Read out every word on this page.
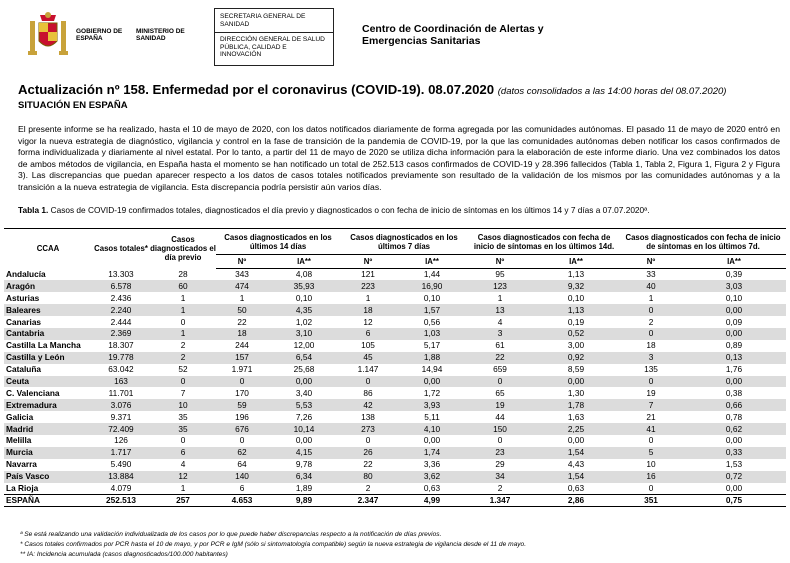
GOBIERNO DE ESPAÑA
MINISTERIO DE SANIDAD
SECRETARIA GENERAL DE SANIDAD
DIRECCIÓN GENERAL DE SALUD PÚBLICA, CALIDAD E INNOVACIÓN
Centro de Coordinación de Alertas y Emergencias Sanitarias
Actualización nº 158. Enfermedad por el coronavirus (COVID-19). 08.07.2020 (datos consolidados a las 14:00 horas del 08.07.2020)
SITUACIÓN EN ESPAÑA
El presente informe se ha realizado, hasta el 10 de mayo de 2020, con los datos notificados diariamente de forma agregada por las comunidades autónomas. El pasado 11 de mayo de 2020 entró en vigor la nueva estrategia de diagnóstico, vigilancia y control en la fase de transición de la pandemia de COVID-19, por la que las comunidades autónomas deben notificar los casos confirmados de forma individualizada y diariamente al nivel estatal. Por lo tanto, a partir del 11 de mayo de 2020 se utiliza dicha información para la elaboración de este informe diario. Una vez combinados los datos de ambos métodos de vigilancia, en España hasta el momento se han notificado un total de 252.513 casos confirmados de COVID-19 y 28.396 fallecidos (Tabla 1, Tabla 2, Figura 1, Figura 2 y Figura 3). Las discrepancias que puedan aparecer respecto a los datos de casos totales notificados previamente son resultado de la validación de los mismos por las comunidades autónomas y a la transición a la nueva estrategia de vigilancia. Esta discrepancia podría persistir aún varios días.
Tabla 1. Casos de COVID-19 confirmados totales, diagnosticados el día previo y diagnosticados o con fecha de inicio de síntomas en los últimos 14 y 7 días a 07.07.2020ª.
CCAA	Casos totales*	Casos diagnosticados el día previo	Casos diagnosticados en los últimos 14 días		Casos diagnosticados en los últimos 7 días		Casos diagnosticados con fecha de inicio de síntomas en los últimos 14d.		Casos diagnosticados con fecha de inicio de síntomas en los últimos 7d.	
			Nº	IA**	Nº	IA**	Nº	IA**	Nº	IA**
Andalucía	13.303	28	343	4,08	121	1,44	95	1,13	33	0,39
Aragón	6.578	60	474	35,93	223	16,90	123	9,32	40	3,03
Asturias	2.436	1	1	0,10	1	0,10	1	0,10	1	0,10
Baleares	2.240	1	50	4,35	18	1,57	13	1,13	0	0,00
Canarias	2.444	0	22	1,02	12	0,56	4	0,19	2	0,09
Cantabria	2.369	1	18	3,10	6	1,03	3	0,52	0	0,00
Castilla La Mancha	18.307	2	244	12,00	105	5,17	61	3,00	18	0,89
Castilla y León	19.778	2	157	6,54	45	1,88	22	0,92	3	0,13
Cataluña	63.042	52	1.971	25,68	1.147	14,94	659	8,59	135	1,76
Ceuta	163	0	0	0,00	0	0,00	0	0,00	0	0,00
C. Valenciana	11.701	7	170	3,40	86	1,72	65	1,30	19	0,38
Extremadura	3.076	10	59	5,53	42	3,93	19	1,78	7	0,66
Galicia	9.371	35	196	7,26	138	5,11	44	1,63	21	0,78
Madrid	72.409	35	676	10,14	273	4,10	150	2,25	41	0,62
Melilla	126	0	0	0,00	0	0,00	0	0,00	0	0,00
Murcia	1.717	6	62	4,15	26	1,74	23	1,54	5	0,33
Navarra	5.490	4	64	9,78	22	3,36	29	4,43	10	1,53
País Vasco	13.884	12	140	6,34	80	3,62	34	1,54	16	0,72
La Rioja	4.079	1	6	1,89	2	0,63	2	0,63	0	0,00
ESPAÑA	252.513	257	4.653	9,89	2.347	4,99	1.347	2,86	351	0,75
ª Se está realizando una validación individualizada de los casos por lo que puede haber discrepancias respecto a la notificación de días previos.
* Casos totales confirmados por PCR hasta el 10 de mayo, y por PCR e IgM (sólo si sintomatología compatible) según la nueva estrategia de vigilancia desde el 11 de mayo.
** IA: Incidencia acumulada (casos diagnosticados/100.000 habitantes)
